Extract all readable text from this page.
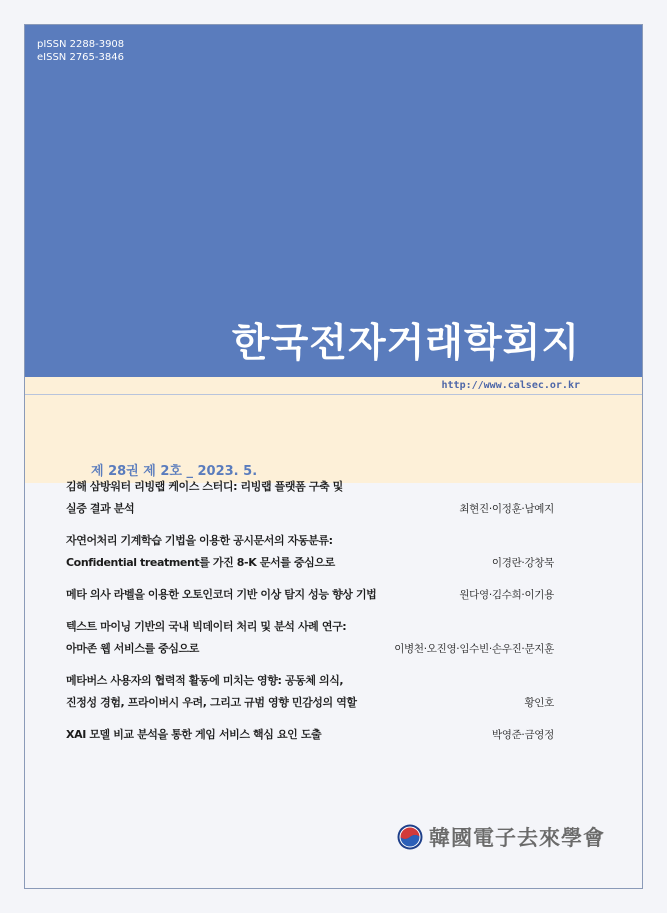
pISSN 2288-3908
eISSN 2765-3846
한국전자거래학회지
http://www.calsec.or.kr
제 28권 제 2호 _ 2023. 5.
김해 삼방워터 리빙랩 케이스 스터디: 리빙랩 플랫폼 구축 및
실증 결과 분석	최현진·이정훈·남예지
자연어처리 기계학습 기법을 이용한 공시문서의 자동분류:
Confidential treatment를 가진 8-K 문서를 중심으로	이경란·강창묵
메타 의사 라벨을 이용한 오토인코더 기반 이상 탐지 성능 향상 기법	원다영·김수희·이기용
텍스트 마이닝 기반의 국내 빅데이터 처리 및 분석 사례 연구:
아마존 웹 서비스를 중심으로	이병천·오진영·임수빈·손우진·문지훈
메타버스 사용자의 협력적 활동에 미치는 영향: 공동체 의식,
진정성 경험, 프라이버시 우려, 그리고 규범 영향 민감성의 역할	황인호
XAI 모델 비교 분석을 통한 게임 서비스 핵심 요인 도출	박영준·금영정
韓國電子去來學會
